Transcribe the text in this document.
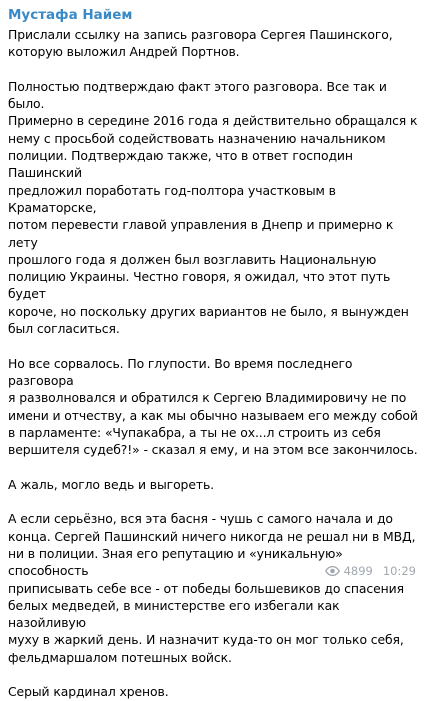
Мустафа Найем

Прислали ссылку на запись разговора Сергея Пашинского,
которую выложил Андрей Портнов.

Полностью подтверждаю факт этого разговора. Все так и было.
Примерно в середине 2016 года я действительно обращался к
нему с просьбой содействовать назначению начальником
полиции. Подтверждаю также, что в ответ господин Пашинский
предложил поработать год-полтора участковым в Краматорске,
потом перевести главой управления в Днепр и примерно к лету
прошлого года я должен был возглавить Национальную
полицию Украины. Честно говоря, я ожидал, что этот путь будет
короче, но поскольку других вариантов не было, я вынужден
был согласиться.

Но все сорвалось. По глупости. Во время последнего разговора
я разволновался и обратился к Сергею Владимировичу не по
имени и отчеству, а как мы обычно называем его между собой
в парламенте: «Чупакабра, а ты не ох...л строить из себя
вершителя судеб?!» - сказал я ему, и на этом все закончилось.

А жаль, могло ведь и выгореть.

А если серьёзно, вся эта басня - чушь с самого начала и до
конца. Сергей Пашинский ничего никогда не решал ни в МВД,
ни в полиции. Зная его репутацию и «уникальную» способность
приписывать себе все - от победы большевиков до спасения
белых медведей, в министерстве его избегали как назойливую
муху в жаркий день. И назначит куда-то он мог только себя,
фельдмаршалом потешных войск.

Серый кардинал хренов.

4899 10:29
